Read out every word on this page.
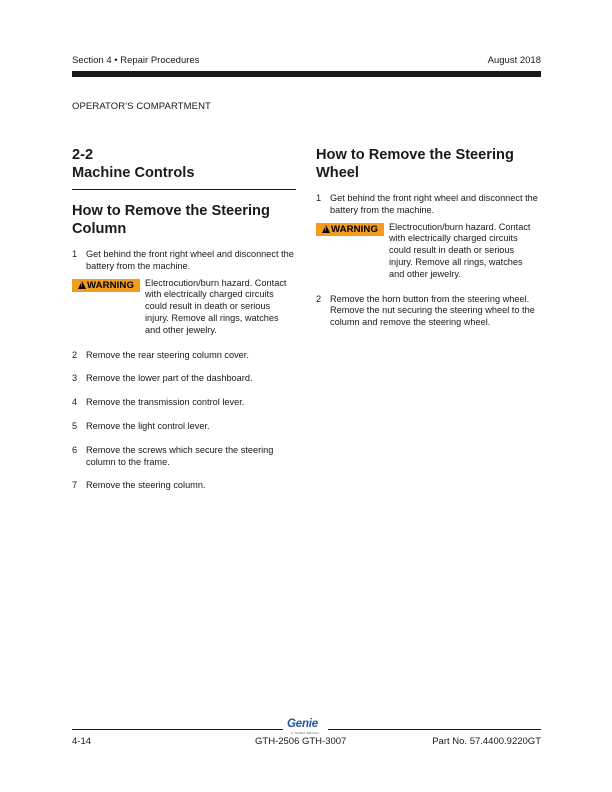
Section 4 • Repair Procedures	August 2018
OPERATOR'S COMPARTMENT
2-2
Machine Controls
How to Remove the Steering Column
1 Get behind the front right wheel and disconnect the battery from the machine.
!
WARNING Electrocution/burn hazard. Contact with electrically charged circuits could result in death or serious injury. Remove all rings, watches and other jewelry.
2 Remove the rear steering column cover.
3 Remove the lower part of the dashboard.
4 Remove the transmission control lever.
5 Remove the light control lever.
6 Remove the screws which secure the steering column to the frame.
7 Remove the steering column.
How to Remove the Steering Wheel
1 Get behind the front right wheel and disconnect the battery from the machine.
!
WARNING Electrocution/burn hazard. Contact with electrically charged circuits could result in death or serious injury. Remove all rings, watches and other jewelry.
2 Remove the horn button from the steering wheel. Remove the nut securing the steering wheel to the column and remove the steering wheel.
Genie
A TEREX BRAND
4-14	GTH-2506 GTH-3007	Part No. 57.4400.9220GT
